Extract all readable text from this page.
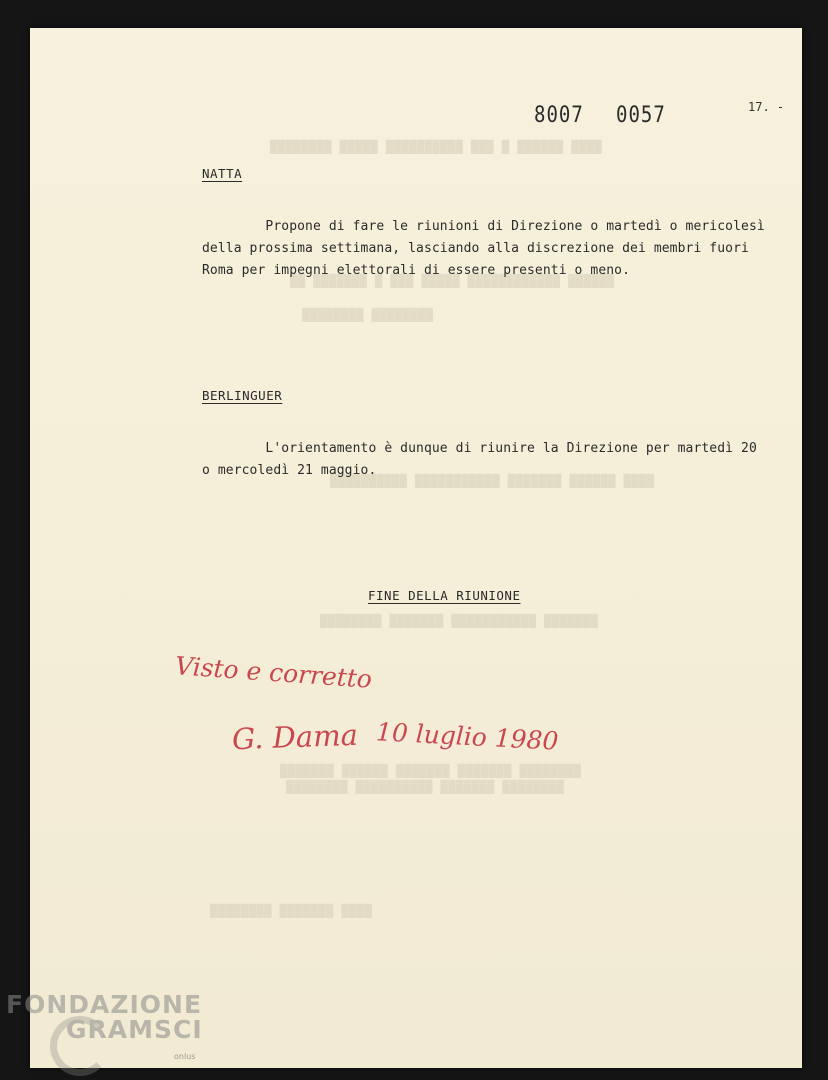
████████ █████ ██████████ ███ █ ██████ ████
██ ███████ █ ███ █████ ████████████ ██████
████████ ████████
██████████ ███████████ ███████ ██████ ████
████████ ███████ ███████████ ███████
███████ ██████ ███████ ███████ ████████
████████ ██████████ ███████ ████████
████████ ███████ ████
8007 0057	17. -
NATTA
Propone di fare le riunioni di Direzione o martedì o mericolesì
della prossima settimana, lasciando alla discrezione dei membri fuori
Roma per impegni elettorali di essere presenti o meno.
BERLINGUER
L'orientamento è dunque di riunire la Direzione per martedì 20
o mercoledì 21 maggio.
FINE DELLA RIUNIONE
Visto e corretto
G. Dama 10 luglio 1980
FONDAZIONE
GRAMSCI
onlus
